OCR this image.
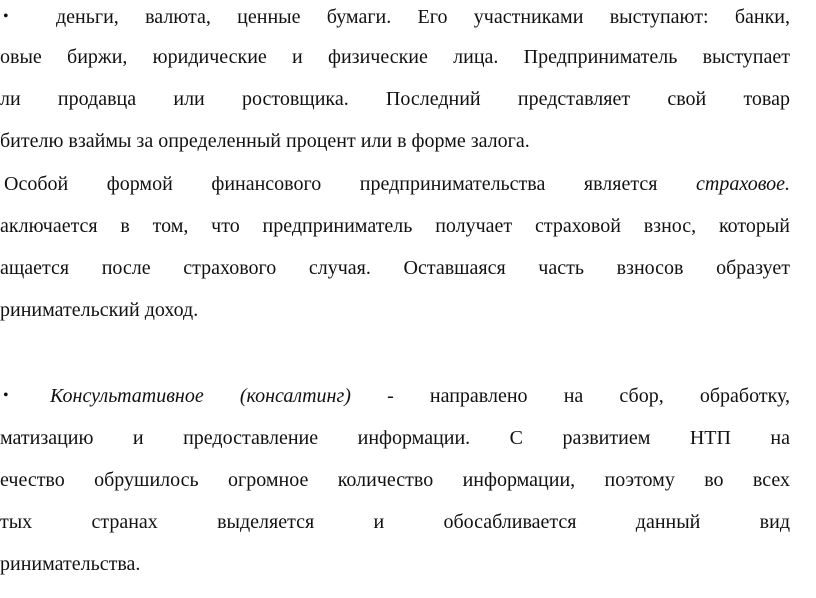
• деньги, валюта, ценные бумаги. Его участниками выступают: банки,
овые биржи, юридические и физические лица. Предприниматель выступает
ли продавца или ростовщика. Последний представляет свой товар
бителю взаймы за определенный процент или в форме залога.
Особой формой финансового предпринимательства является страховое.
аключается в том, что предприниматель получает страховой взнос, который
ащается после страхового случая. Оставшаяся часть взносов образует
ринимательский доход.
• Консультативное (консалтинг) - направлено на сбор, обработку,
матизацию и предоставление информации. С развитием НТП на
ечество обрушилось огромное количество информации, поэтому во всех
тых странах выделяется и обосабливается данный вид
ринимательства.
